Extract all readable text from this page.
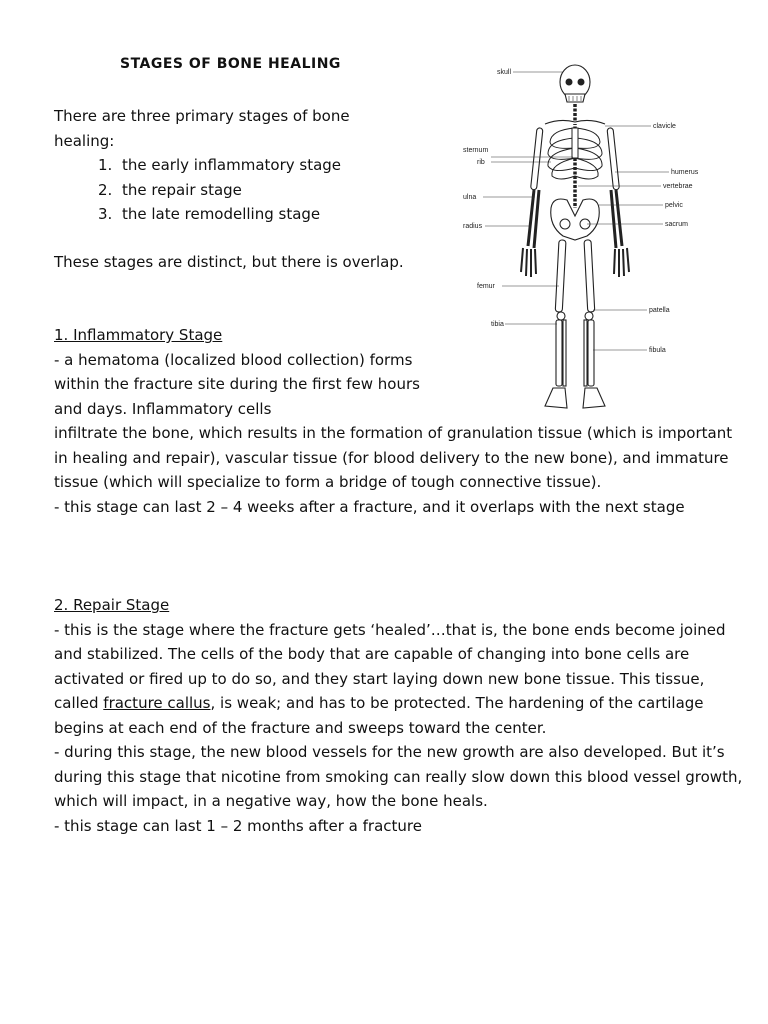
STAGES OF BONE HEALING
There are three primary stages of bone healing:
1. the early inflammatory stage
2. the repair stage
3. the late remodelling stage
These stages are distinct, but there is overlap.
1. Inflammatory Stage
- a hematoma (localized blood collection) forms within the fracture site during the first few hours and days. Inflammatory cells
infiltrate the bone, which results in the formation of granulation tissue (which is important in healing and repair), vascular tissue (for blood delivery to the new bone), and immature tissue (which will specialize to form a bridge of tough connective tissue).
- this stage can last 2 – 4 weeks after a fracture, and it overlaps with the next stage
2. Repair Stage
- this is the stage where the fracture gets ‘healed’…that is, the bone ends become joined and stabilized. The cells of the body that are capable of changing into bone cells are activated or fired up to do so, and they start laying down new bone tissue. This tissue, called fracture callus, is weak; and has to be protected. The hardening of the cartilage begins at each end of the fracture and sweeps toward the center.
- during this stage, the new blood vessels for the new growth are also developed. But it’s during this stage that nicotine from smoking can really slow down this blood vessel growth, which will impact, in a negative way, how the bone heals.
- this stage can last 1 – 2 months after a fracture
skull
clavicle
sternum
rib
humerus
vertebrae
ulna
pelvic
radius	sacrum
femur
patella
tibia
fibula
